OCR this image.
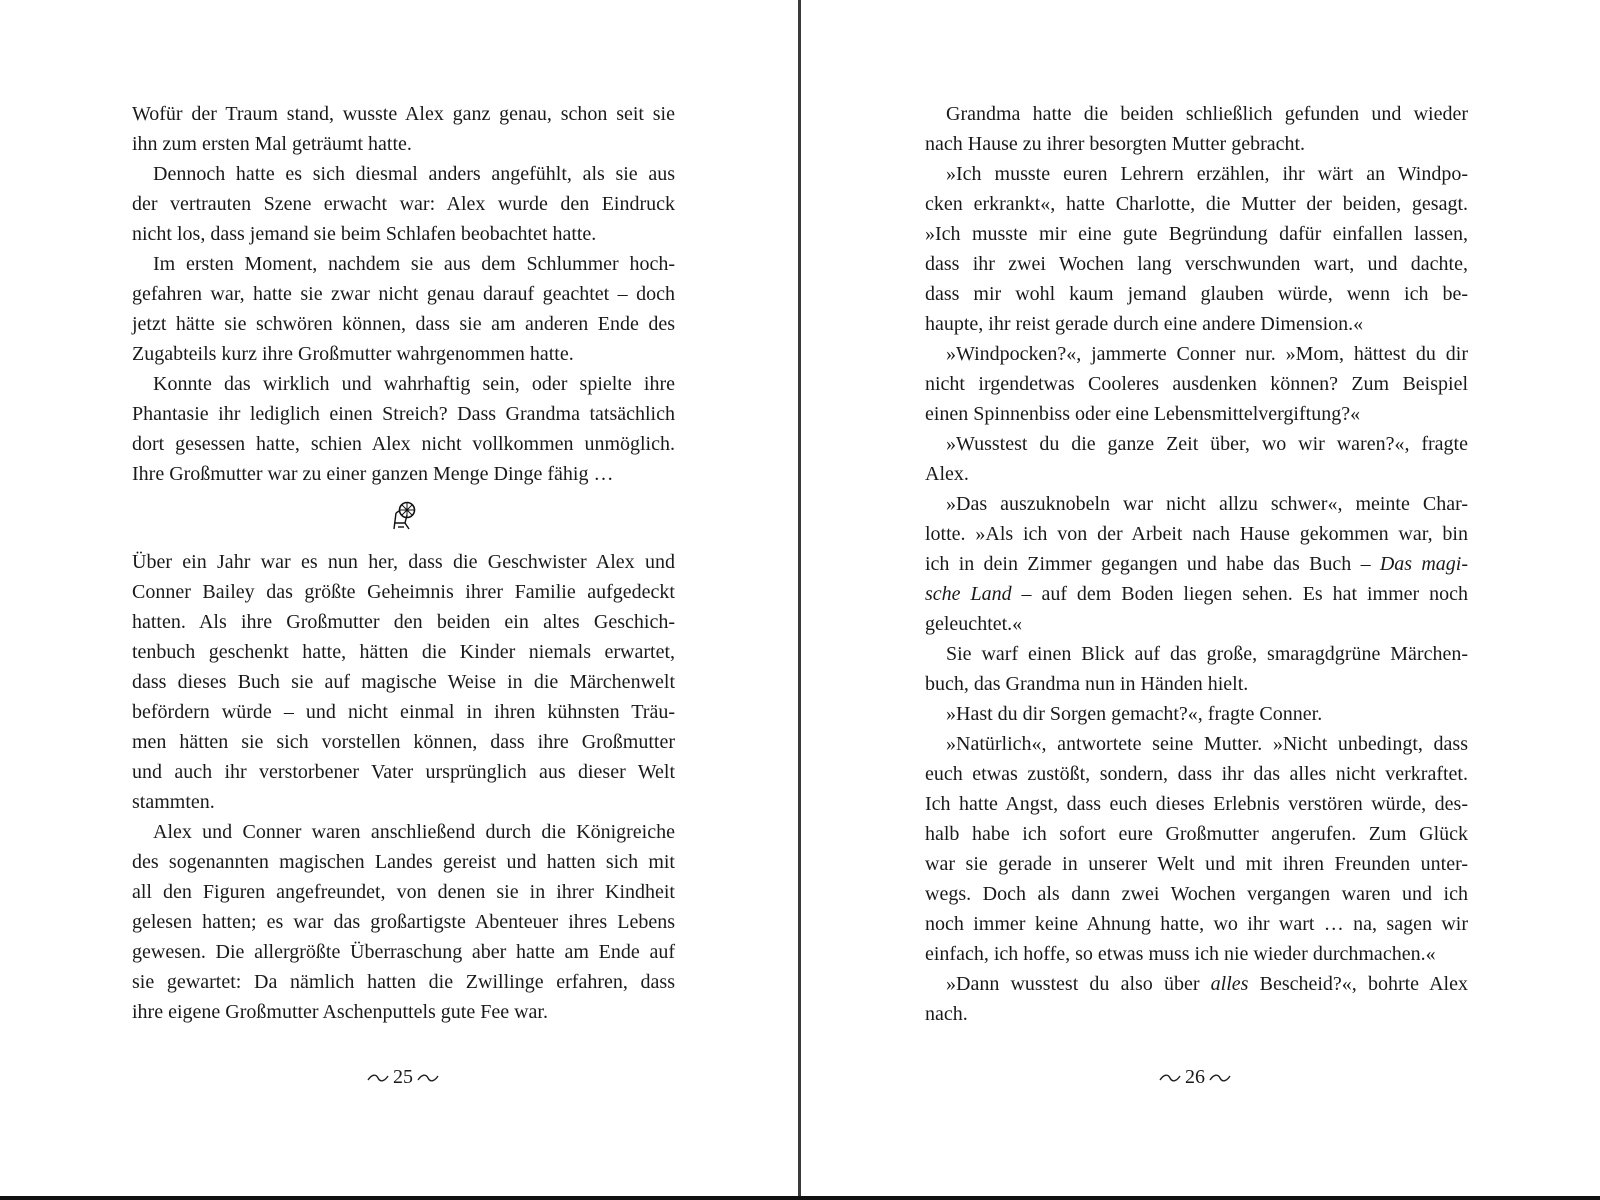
Wofür der Traum stand, wusste Alex ganz genau, schon seit sie
ihn zum ersten Mal geträumt hatte.
Dennoch hatte es sich diesmal anders angefühlt, als sie aus
der vertrauten Szene erwacht war: Alex wurde den Eindruck
nicht los, dass jemand sie beim Schlafen beobachtet hatte.
Im ersten Moment, nachdem sie aus dem Schlummer hoch-
gefahren war, hatte sie zwar nicht genau darauf geachtet – doch
jetzt hätte sie schwören können, dass sie am anderen Ende des
Zugabteils kurz ihre Großmutter wahrgenommen hatte.
Konnte das wirklich und wahrhaftig sein, oder spielte ihre
Phantasie ihr lediglich einen Streich? Dass Grandma tatsächlich
dort gesessen hatte, schien Alex nicht vollkommen unmöglich.
Ihre Großmutter war zu einer ganzen Menge Dinge fähig …
Über ein Jahr war es nun her, dass die Geschwister Alex und
Conner Bailey das größte Geheimnis ihrer Familie aufgedeckt
hatten. Als ihre Großmutter den beiden ein altes Geschich-
tenbuch geschenkt hatte, hätten die Kinder niemals erwartet,
dass dieses Buch sie auf magische Weise in die Märchenwelt
befördern würde – und nicht einmal in ihren kühnsten Träu-
men hätten sie sich vorstellen können, dass ihre Großmutter
und auch ihr verstorbener Vater ursprünglich aus dieser Welt
stammten.
Alex und Conner waren anschließend durch die Königreiche
des sogenannten magischen Landes gereist und hatten sich mit
all den Figuren angefreundet, von denen sie in ihrer Kindheit
gelesen hatten; es war das großartigste Abenteuer ihres Lebens
gewesen. Die allergrößte Überraschung aber hatte am Ende auf
sie gewartet: Da nämlich hatten die Zwillinge erfahren, dass
ihre eigene Großmutter Aschenputtels gute Fee war.
25
Grandma hatte die beiden schließlich gefunden und wieder
nach Hause zu ihrer besorgten Mutter gebracht.
»Ich musste euren Lehrern erzählen, ihr wärt an Windpo-
cken erkrankt«, hatte Charlotte, die Mutter der beiden, gesagt.
»Ich musste mir eine gute Begründung dafür einfallen lassen,
dass ihr zwei Wochen lang verschwunden wart, und dachte,
dass mir wohl kaum jemand glauben würde, wenn ich be-
haupte, ihr reist gerade durch eine andere Dimension.«
»Windpocken?«, jammerte Conner nur. »Mom, hättest du dir
nicht irgendetwas Cooleres ausdenken können? Zum Beispiel
einen Spinnenbiss oder eine Lebensmittelvergiftung?«
»Wusstest du die ganze Zeit über, wo wir waren?«, fragte
Alex.
»Das auszuknobeln war nicht allzu schwer«, meinte Char-
lotte. »Als ich von der Arbeit nach Hause gekommen war, bin
ich in dein Zimmer gegangen und habe das Buch – Das magi-
sche Land – auf dem Boden liegen sehen. Es hat immer noch
geleuchtet.«
Sie warf einen Blick auf das große, smaragdgrüne Märchen-
buch, das Grandma nun in Händen hielt.
»Hast du dir Sorgen gemacht?«, fragte Conner.
»Natürlich«, antwortete seine Mutter. »Nicht unbedingt, dass
euch etwas zustößt, sondern, dass ihr das alles nicht verkraftet.
Ich hatte Angst, dass euch dieses Erlebnis verstören würde, des-
halb habe ich sofort eure Großmutter angerufen. Zum Glück
war sie gerade in unserer Welt und mit ihren Freunden unter-
wegs. Doch als dann zwei Wochen vergangen waren und ich
noch immer keine Ahnung hatte, wo ihr wart … na, sagen wir
einfach, ich hoffe, so etwas muss ich nie wieder durchmachen.«
»Dann wusstest du also über alles Bescheid?«, bohrte Alex
nach.
26
